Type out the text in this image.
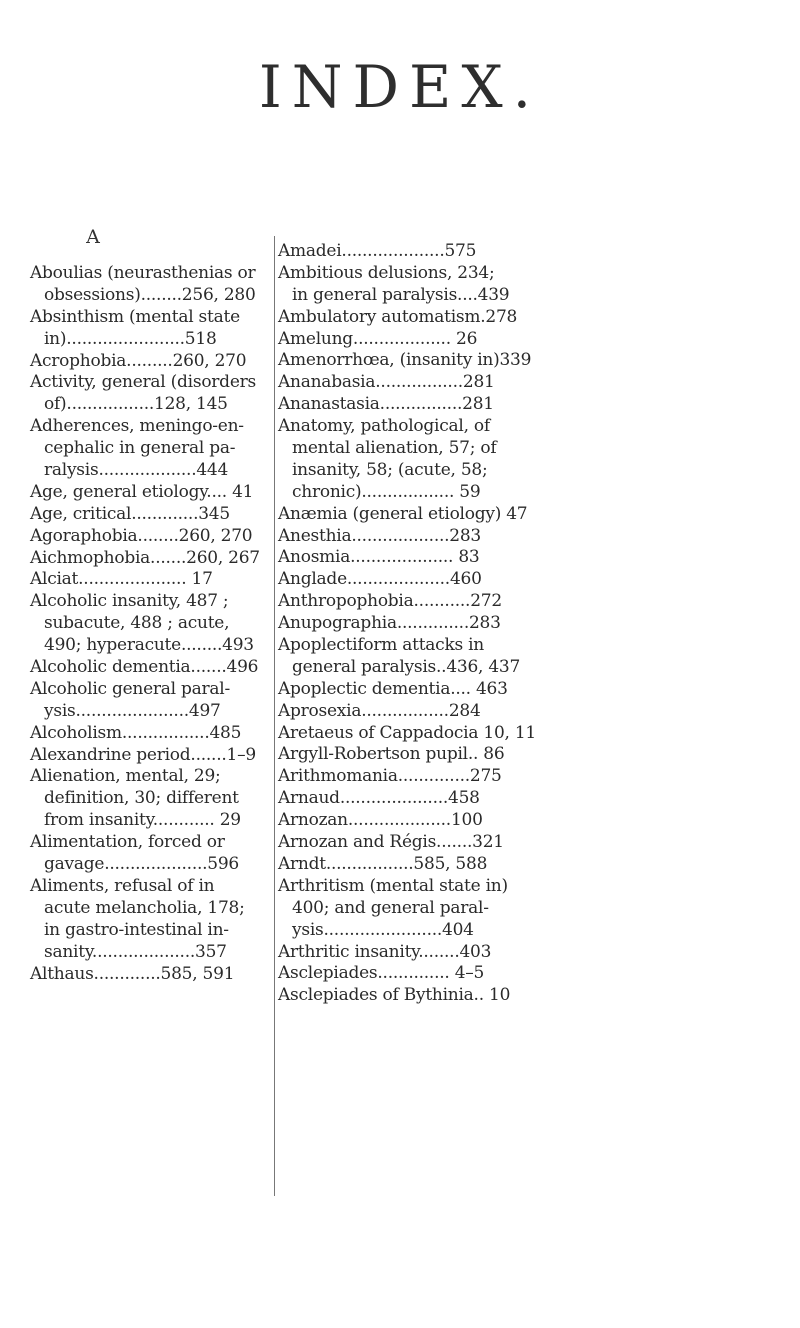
INDEX.
A
Aboulias (neurasthenias or
obsessions)........256, 280
Absinthism (mental state
in).......................518
Acrophobia.........260, 270
Activity, general (disorders
of).................128, 145
Adherences, meningo-en-
cephalic in general pa-
ralysis...................444
Age, general etiology.... 41
Age, critical.............345
Agoraphobia........260, 270
Aichmophobia.......260, 267
Alciat..................... 17
Alcoholic insanity, 487 ;
subacute, 488 ; acute,
490; hyperacute........493
Alcoholic dementia.......496
Alcoholic general paral-
ysis......................497
Alcoholism.................485
Alexandrine period.......1–9
Alienation, mental, 29;
definition, 30; different
from insanity............ 29
Alimentation, forced or
gavage....................596
Aliments, refusal of in
acute melancholia, 178;
in gastro-intestinal in-
sanity....................357
Althaus.............585, 591
Amadei....................575
Ambitious delusions, 234;
in general paralysis....439
Ambulatory automatism.278
Amelung................... 26
Amenorrhœa, (insanity in)339
Ananabasia.................281
Ananastasia................281
Anatomy, pathological, of
mental alienation, 57; of
insanity, 58; (acute, 58;
chronic).................. 59
Anæmia (general etiology) 47
Anesthia...................283
Anosmia.................... 83
Anglade....................460
Anthropophobia...........272
Anupographia..............283
Apoplectiform attacks in
general paralysis..436, 437
Apoplectic dementia.... 463
Aprosexia.................284
Aretaeus of Cappadocia 10, 11
Argyll-Robertson pupil.. 86
Arithmomania..............275
Arnaud.....................458
Arnozan....................100
Arnozan and Régis.......321
Arndt.................585, 588
Arthritism (mental state in)
400; and general paral-
ysis.......................404
Arthritic insanity........403
Asclepiades.............. 4–5
Asclepiades of Bythinia.. 10
